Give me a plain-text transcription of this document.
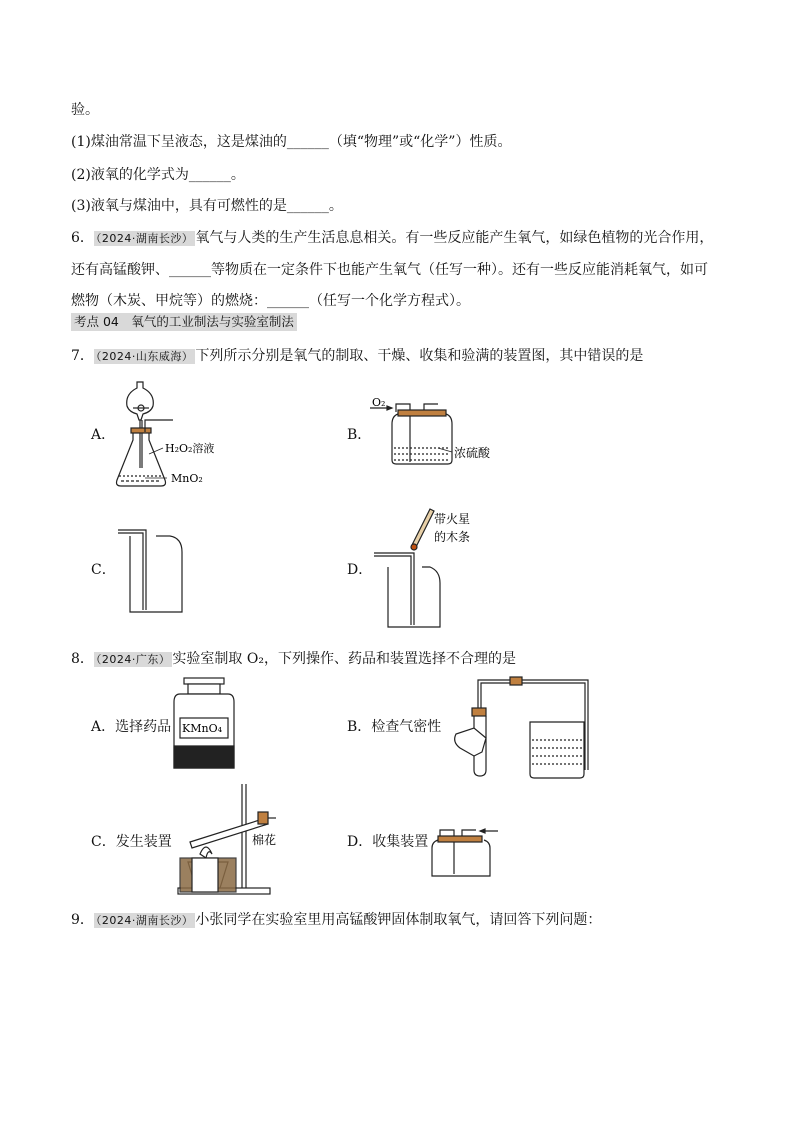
验。
(1)煤油常温下呈液态，这是煤油的______（填“物理”或“化学”）性质。
(2)液氧的化学式为______。
(3)液氧与煤油中，具有可燃性的是______。
6． （2024·湖南长沙） 氧气与人类的生产生活息息相关。有一些反应能产生氧气，如绿色植物的光合作用，
还有高锰酸钾、______等物质在一定条件下也能产生氧气（任写一种）。还有一些反应能消耗氧气，如可
燃物（木炭、甲烷等）的燃烧：______（任写一个化学方程式）。
考点 04　氧气的工业制法与实验室制法
7． （2024·山东威海） 下列所示分别是氧气的制取、干燥、收集和验满的装置图，其中错误的是
A．	B．
C．	D．
H₂O₂溶液
MnO₂
O₂
浓硫酸
带火星
的木条
8． （2024·广东） 实验室制取 O₂，下列操作、药品和装置选择不合理的是
A．选择药品	B．检查气密性
C．发生装置	D．收集装置
KMnO₄
棉花
9． （2024·湖南长沙） 小张同学在实验室里用高锰酸钾固体制取氧气，请回答下列问题：
